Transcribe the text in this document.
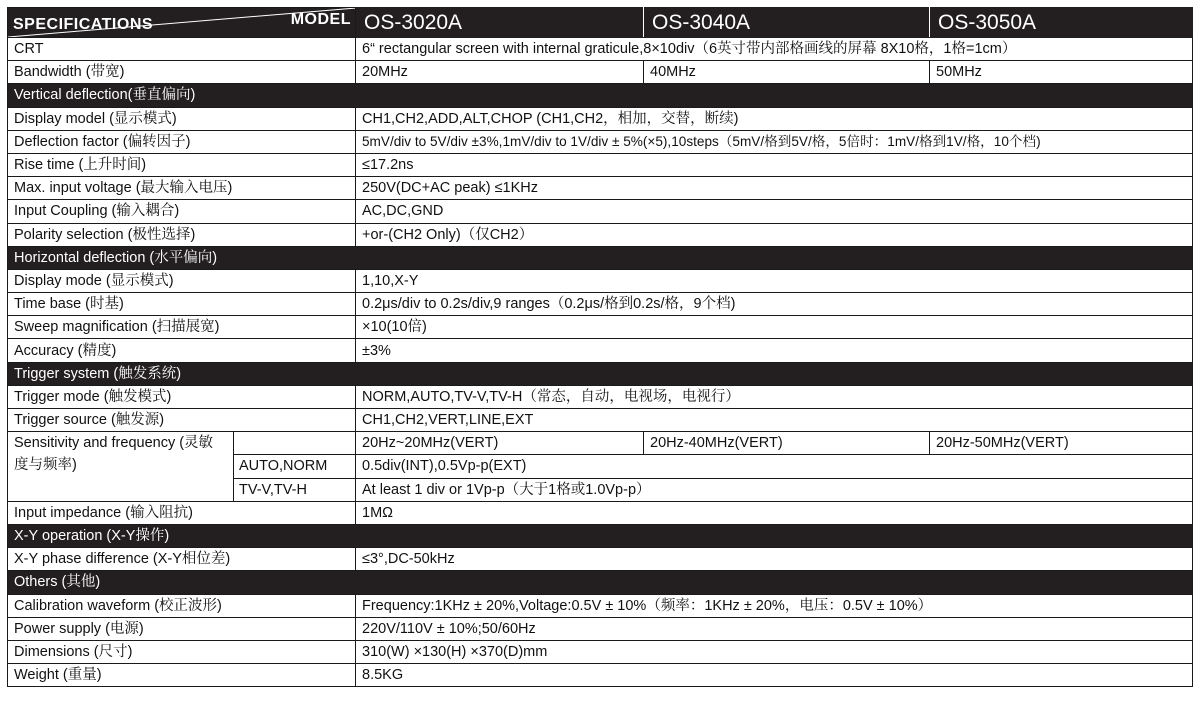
SPECIFICATIONS MODEL		OS-3020A	OS-3040A	OS-3050A

CRT		6“ rectangular screen with internal graticule,8×10div（6英寸带内部格画线的屏幕 8X10格，1格=1cm）		
Bandwidth (带宽)		20MHz	40MHz	50MHz
Vertical deflection(垂直偏向)				
Display model (显示模式)		CH1,CH2,ADD,ALT,CHOP (CH1,CH2，相加，交替，断续)		
Deflection factor (偏转因子)		5mV/div to 5V/div ±3%,1mV/div to 1V/div ± 5%(×5),10steps（5mV/格到5V/格，5倍时：1mV/格到1V/格，10个档)		
Rise time (上升时间)		≤17.2ns		
Max. input voltage (最大输入电压)		250V(DC+AC peak) ≤1KHz		
Input Coupling (输入耦合)		AC,DC,GND		
Polarity selection (极性选择)		+or-(CH2 Only)（仅CH2）		
Horizontal deflection (水平偏向)				
Display mode (显示模式)		1,10,X-Y		
Time base (时基)		0.2μs/div to 0.2s/div,9 ranges（0.2μs/格到0.2s/格，9个档)		
Sweep magnification (扫描展宽)		×10(10倍)		
Accuracy (精度)		±3%		
Trigger system (触发系统)				
Trigger mode (触发模式)		NORM,AUTO,TV-V,TV-H（常态，自动，电视场，电视行）		
Trigger source (触发源)		CH1,CH2,VERT,LINE,EXT		
Sensitivity and frequency (灵敏度与频率)		20Hz~20MHz(VERT)	20Hz-40MHz(VERT)	20Hz-50MHz(VERT)
	AUTO,NORM	0.5div(INT),0.5Vp-p(EXT)		
	TV-V,TV-H	At least 1 div or 1Vp-p（大于1格或1.0Vp-p）		
Input impedance (输入阻抗)		1MΩ		
X-Y operation (X-Y操作)				
X-Y phase difference (X-Y相位差)		≤3°,DC-50kHz		
Others (其他)				
Calibration waveform (校正波形)		Frequency:1KHz ± 20%,Voltage:0.5V ± 10%（频率：1KHz ± 20%，电压：0.5V ± 10%）		
Power supply (电源)		220V/110V ± 10%;50/60Hz		
Dimensions (尺寸)		310(W) ×130(H) ×370(D)mm		
Weight (重量)		8.5KG		
